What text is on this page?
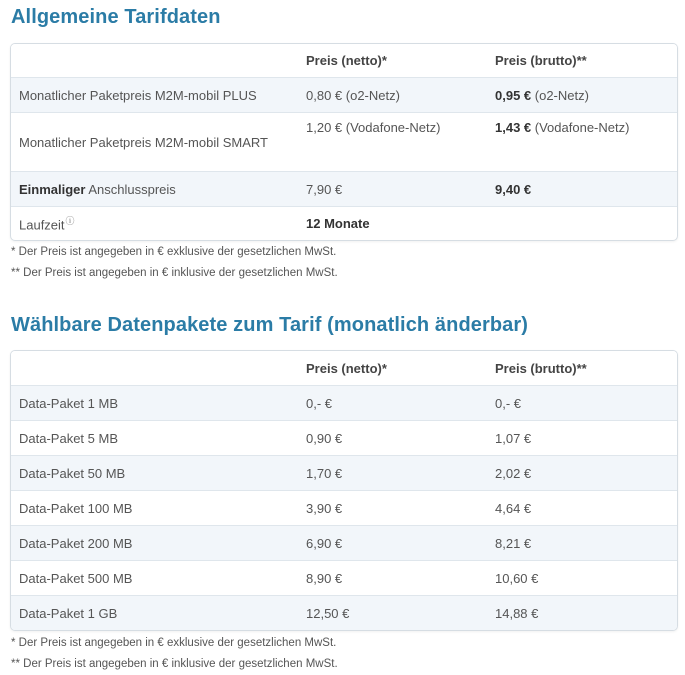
Allgemeine Tarifdaten
	Preis (netto)*	Preis (brutto)**
Monatlicher Paketpreis M2M-mobil PLUS	0,80 € (o2-Netz)	0,95 € (o2-Netz)
Monatlicher Paketpreis M2M-mobil SMART	1,20 € (Vodafone-Netz)	1,43 € (Vodafone-Netz)
Einmaliger Anschlusspreis	7,90 €	9,40 €
Laufzeitⓘ	12 Monate	

* Der Preis ist angegeben in € exklusive der gesetzlichen MwSt.

** Der Preis ist angegeben in € inklusive der gesetzlichen MwSt.

Wählbare Datenpakete zum Tarif (monatlich änderbar)
	Preis (netto)*	Preis (brutto)**
Data-Paket 1 MB	0,- €	0,- €
Data-Paket 5 MB	0,90 €	1,07 €
Data-Paket 50 MB	1,70 €	2,02 €
Data-Paket 100 MB	3,90 €	4,64 €
Data-Paket 200 MB	6,90 €	8,21 €
Data-Paket 500 MB	8,90 €	10,60 €
Data-Paket 1 GB	12,50 €	14,88 €

* Der Preis ist angegeben in € exklusive der gesetzlichen MwSt.

** Der Preis ist angegeben in € inklusive der gesetzlichen MwSt.
